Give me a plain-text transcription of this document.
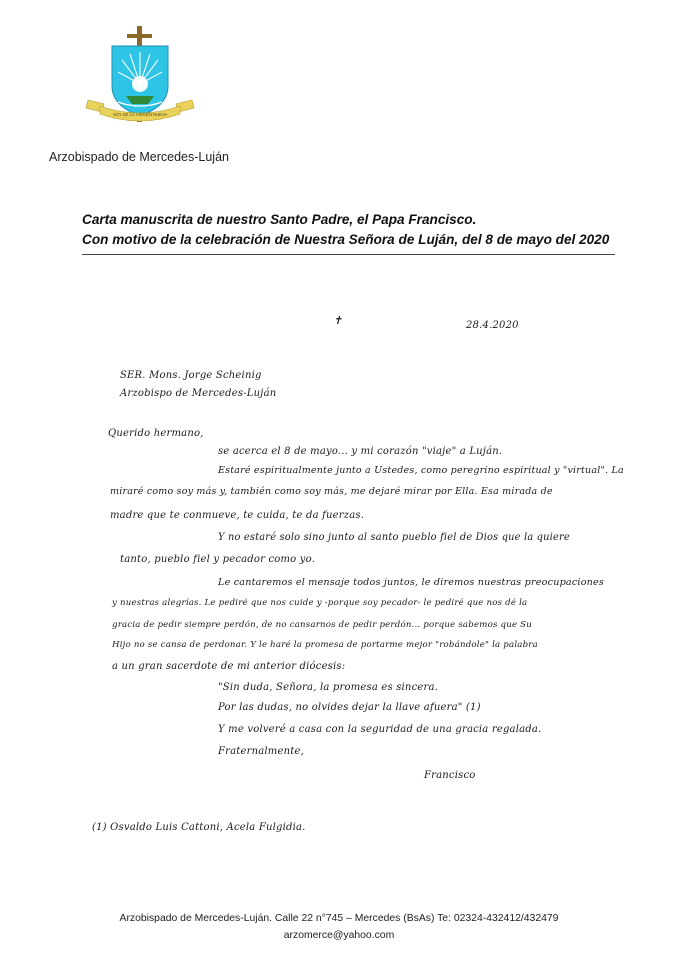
SOY DE LA VIRGEN NUEVA
Arzobispado de Mercedes-Luján
Carta manuscrita de nuestro Santo Padre, el Papa Francisco.
Con motivo de la celebración de Nuestra Señora de Luján, del 8 de mayo del 2020
✝	28.4.2020
SER. Mons. Jorge Scheinig
Arzobispo de Mercedes-Luján
Querido hermano,
se acerca el 8 de mayo... y mi corazón "viaje" a Luján.
Estaré espiritualmente junto a Ustedes, como peregrino espiritual y "virtual". La
miraré como soy más y, también como soy más, me dejaré mirar por Ella. Esa mirada de
madre que te conmueve, te cuida, te da fuerzas.
Y no estaré solo sino junto al santo pueblo fiel de Dios que la quiere
tanto, pueblo fiel y pecador como yo.
Le cantaremos el mensaje todos juntos, le diremos nuestras preocupaciones
y nuestras alegrías. Le pediré que nos cuide y -porque soy pecador- le pediré que nos dé la
gracia de pedir siempre perdón, de no cansarnos de pedir perdón... porque sabemos que Su
Hijo no se cansa de perdonar. Y le haré la promesa de portarme mejor "robándole" la palabra
a un gran sacerdote de mi anterior diócesis:
"Sin duda, Señora, la promesa es sincera.
Por las dudas, no olvides dejar la llave afuera" (1)
Y me volveré a casa con la seguridad de una gracia regalada.
Fraternalmente,
Francisco
(1) Osvaldo Luis Cattoni, Acela Fulgidia.
Arzobispado de Mercedes-Luján. Calle 22 n°745 – Mercedes (BsAs) Te: 02324-432412/432479
arzomerce@yahoo.com
